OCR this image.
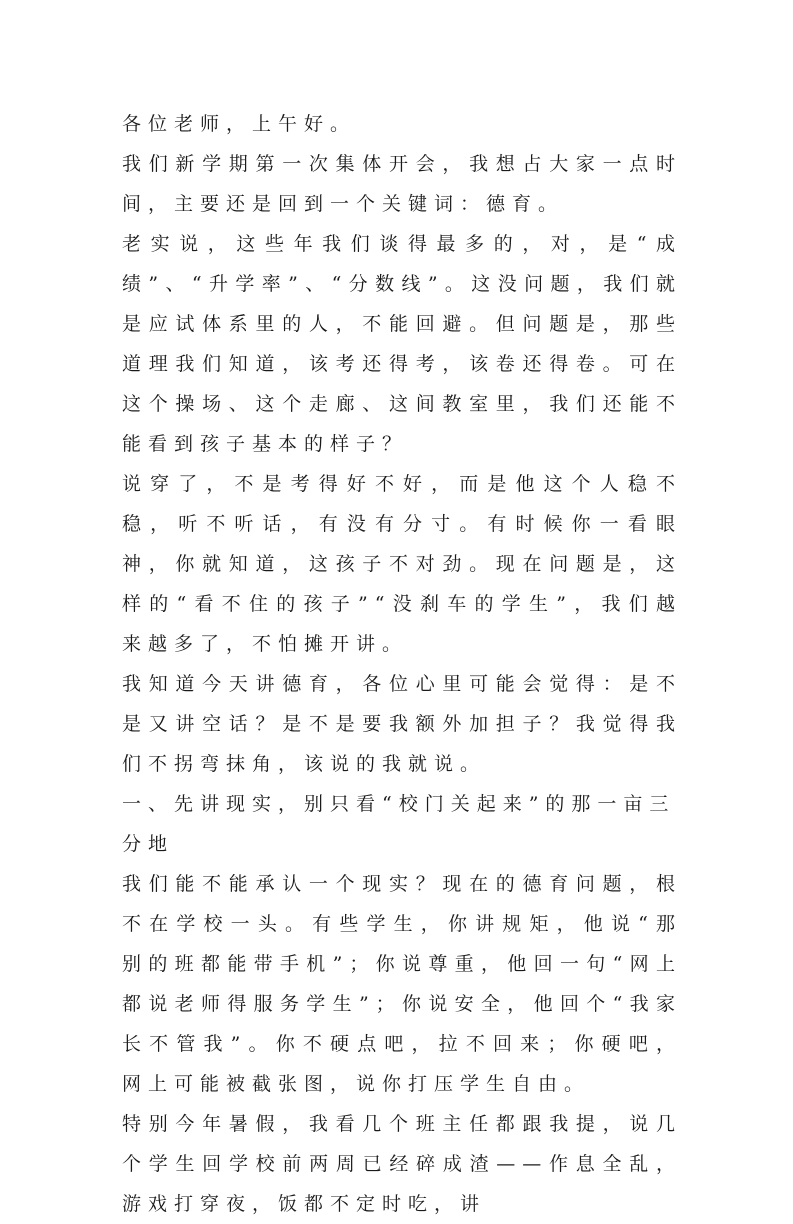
各位老师，上午好。

我们新学期第一次集体开会，我想占大家一点时间，主要还是回到一个关键词：德育。

老实说，这些年我们谈得最多的，对，是“成绩”、“升学率”、“分数线”。这没问题，我们就是应试体系里的人，不能回避。但问题是，那些道理我们知道，该考还得考，该卷还得卷。可在这个操场、这个走廊、这间教室里，我们还能不能看到孩子基本的样子？

说穿了，不是考得好不好，而是他这个人稳不稳，听不听话，有没有分寸。有时候你一看眼神，你就知道，这孩子不对劲。现在问题是，这样的“看不住的孩子”“没刹车的学生”，我们越来越多了，不怕摊开讲。

我知道今天讲德育，各位心里可能会觉得：是不是又讲空话？是不是要我额外加担子？我觉得我们不拐弯抹角，该说的我就说。

一、先讲现实，别只看“校门关起来”的那一亩三分地

我们能不能承认一个现实？现在的德育问题，根不在学校一头。有些学生，你讲规矩，他说“那别的班都能带手机”；你说尊重，他回一句“网上都说老师得服务学生”；你说安全，他回个“我家长不管我”。你不硬点吧，拉不回来；你硬吧，网上可能被截张图，说你打压学生自由。

特别今年暑假，我看几个班主任都跟我提，说几个学生回学校前两周已经碎成渣——作息全乱，游戏打穿夜，饭都不定时吃，讲
